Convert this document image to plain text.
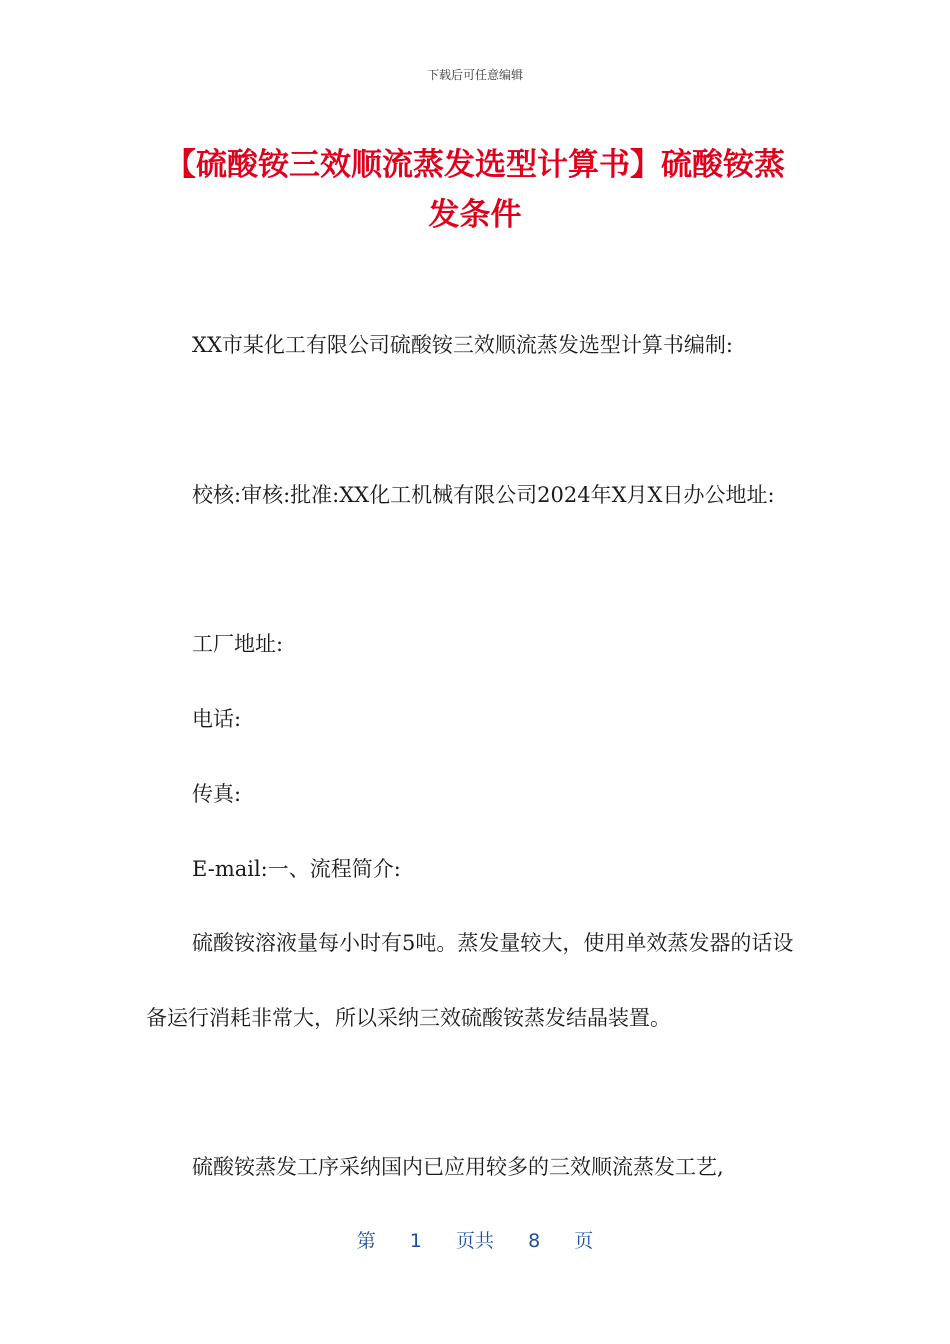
下载后可任意编辑
【硫酸铵三效顺流蒸发选型计算书】硫酸铵蒸发条件

XX市某化工有限公司硫酸铵三效顺流蒸发选型计算书编制:

校核:审核:批准:XX化工机械有限公司2024年X月X日办公地址:

工厂地址:

电话:

传真:

E-mail:一、流程简介:

硫酸铵溶液量每小时有5吨。蒸发量较大，使用单效蒸发器的话设备运行消耗非常大，所以采纳三效硫酸铵蒸发结晶装置。

硫酸铵蒸发工序采纳国内已应用较多的三效顺流蒸发工艺,

第 1 页共 8 页
